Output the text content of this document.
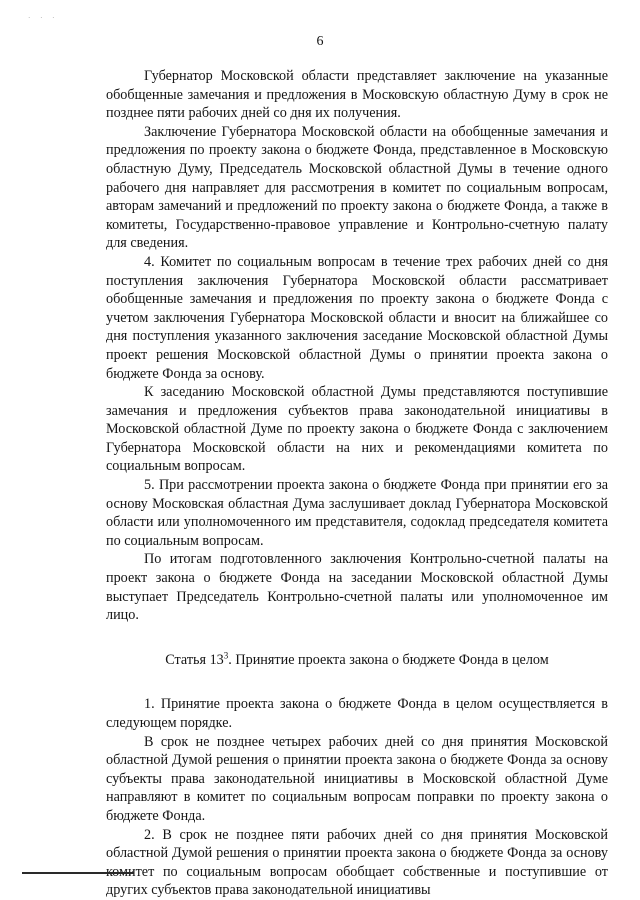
· · ·
6

Губернатор Московской области представляет заключение на указанные обобщенные замечания и предложения в Московскую областную Думу в срок не позднее пяти рабочих дней со дня их получения.

Заключение Губернатора Московской области на обобщенные замечания и предложения по проекту закона о бюджете Фонда, представленное в Московскую областную Думу, Председатель Московской областной Думы в течение одного рабочего дня направляет для рассмотрения в комитет по социальным вопросам, авторам замечаний и предложений по проекту закона о бюджете Фонда, а также в комитеты, Государственно-правовое управление и Контрольно-счетную палату для сведения.

4. Комитет по социальным вопросам в течение трех рабочих дней со дня поступления заключения Губернатора Московской области рассматривает обобщенные замечания и предложения по проекту закона о бюджете Фонда с учетом заключения Губернатора Московской области и вносит на ближайшее со дня поступления указанного заключения заседание Московской областной Думы проект решения Московской областной Думы о принятии проекта закона о бюджете Фонда за основу.

К заседанию Московской областной Думы представляются поступившие замечания и предложения субъектов права законодательной инициативы в Московской областной Думе по проекту закона о бюджете Фонда с заключением Губернатора Московской области на них и рекомендациями комитета по социальным вопросам.

5. При рассмотрении проекта закона о бюджете Фонда при принятии его за основу Московская областная Дума заслушивает доклад Губернатора Московской области или уполномоченного им представителя, содоклад председателя комитета по социальным вопросам.

По итогам подготовленного заключения Контрольно-счетной палаты на проект закона о бюджете Фонда на заседании Московской областной Думы выступает Председатель Контрольно-счетной палаты или уполномоченное им лицо.

Статья $13^3$. Принятие проекта закона о бюджете Фонда в целом

1. Принятие проекта закона о бюджете Фонда в целом осуществляется в следующем порядке.

В срок не позднее четырех рабочих дней со дня принятия Московской областной Думой решения о принятии проекта закона о бюджете Фонда за основу субъекты права законодательной инициативы в Московской областной Думе направляют в комитет по социальным вопросам поправки по проекту закона о бюджете Фонда.

2. В срок не позднее пяти рабочих дней со дня принятия Московской областной Думой решения о принятии проекта закона о бюджете Фонда за основу комитет по социальным вопросам обобщает собственные и поступившие от других субъектов права законодательной инициативы
